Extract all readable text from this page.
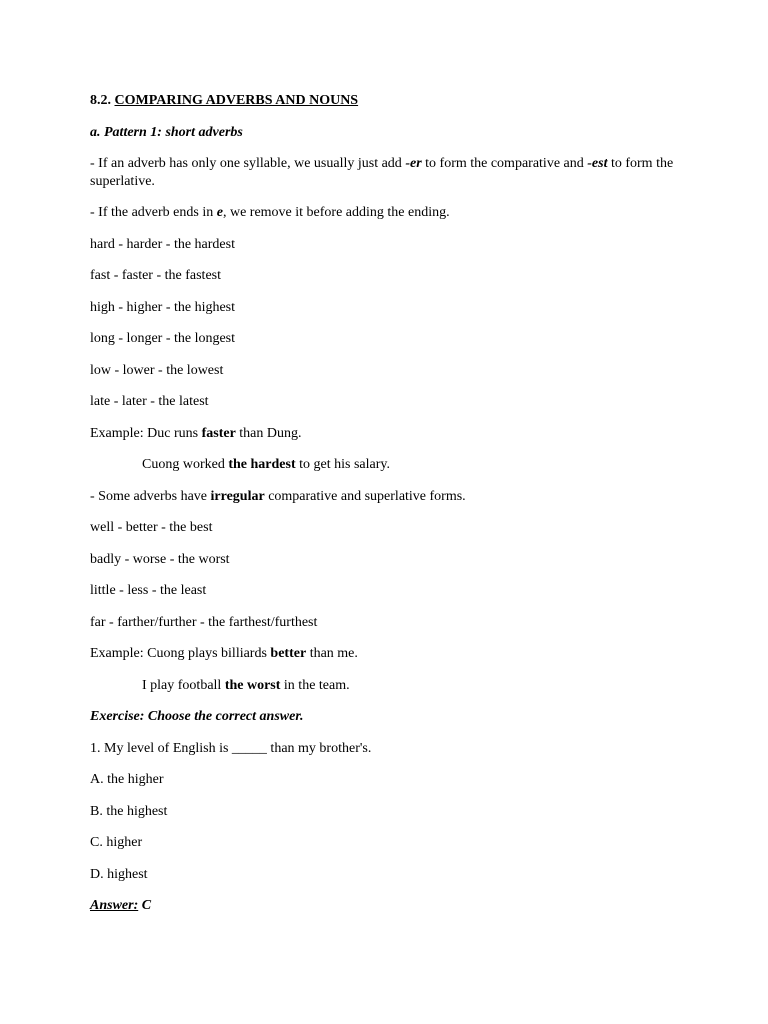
8.2. COMPARING ADVERBS AND NOUNS

a. Pattern 1: short adverbs

- If an adverb has only one syllable, we usually just add -er to form the comparative and -est to form the superlative.

- If the adverb ends in e, we remove it before adding the ending.

hard - harder - the hardest

fast - faster - the fastest

high - higher - the highest

long - longer - the longest

low - lower - the lowest

late - later - the latest

Example: Duc runs faster than Dung.

Cuong worked the hardest to get his salary.

- Some adverbs have irregular comparative and superlative forms.

well - better - the best

badly - worse - the worst

little - less - the least

far - farther/further - the farthest/furthest

Example: Cuong plays billiards better than me.

I play football the worst in the team.

Exercise: Choose the correct answer.

1. My level of English is _____ than my brother's.

A. the higher

B. the highest

C. higher

D. highest

Answer: C
